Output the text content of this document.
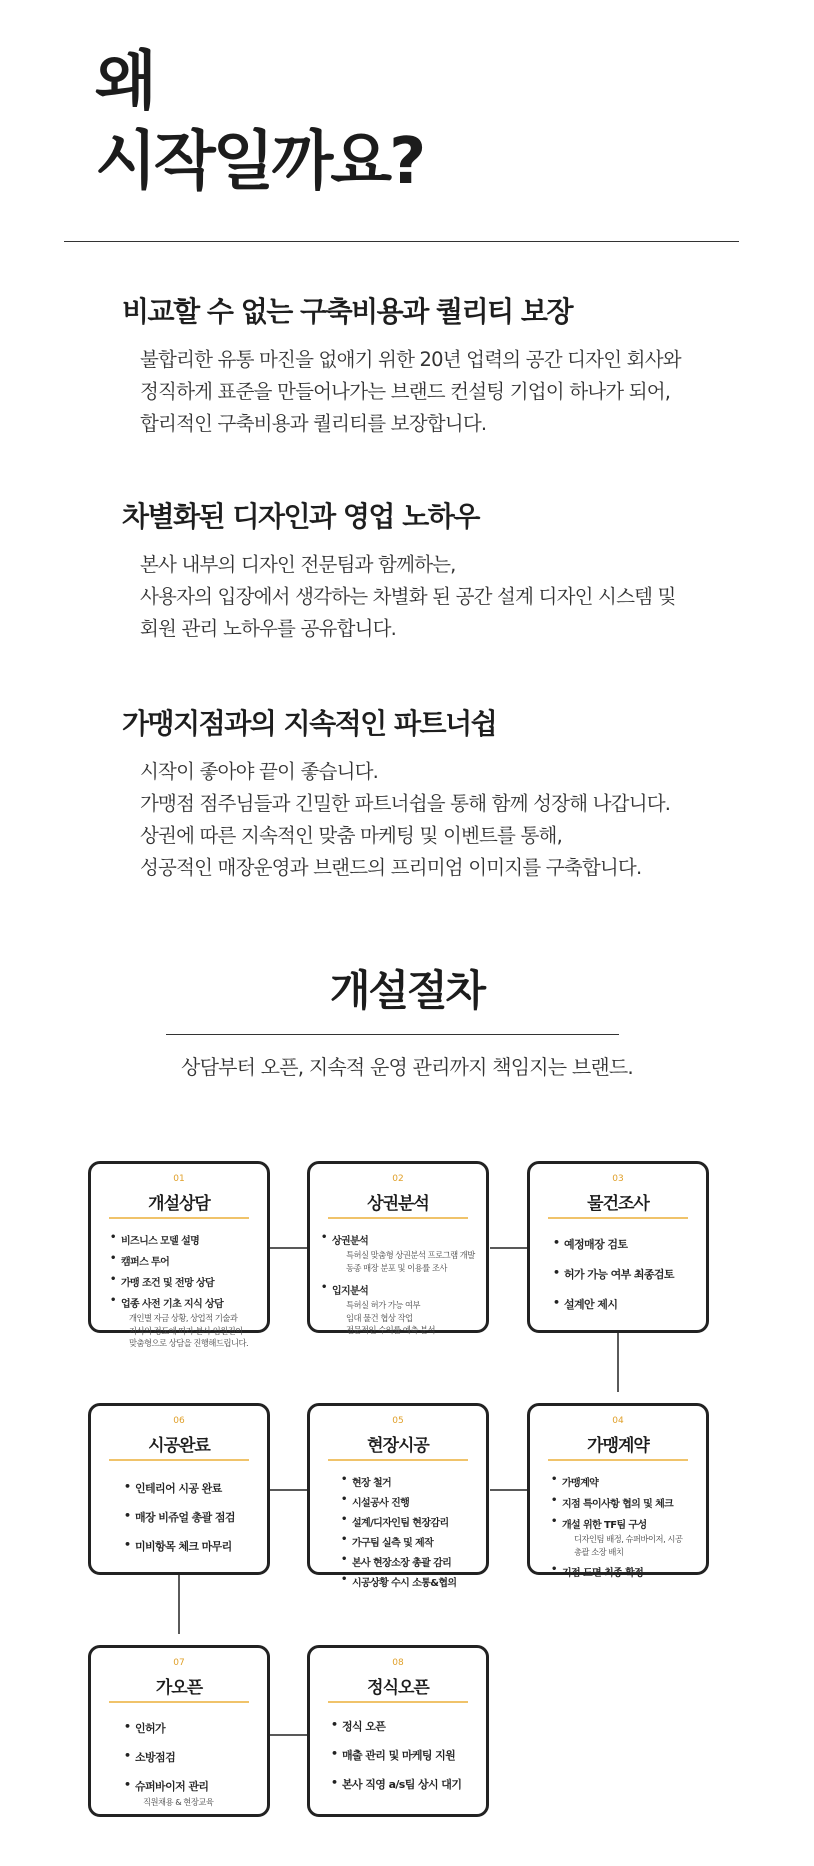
왜
시작일까요?
비교할 수 없는 구축비용과 퀄리티 보장

불합리한 유통 마진을 없애기 위한 20년 업력의 공간 디자인 회사와
정직하게 표준을 만들어나가는 브랜드 컨설팅 기업이 하나가 되어,
합리적인 구축비용과 퀄리티를 보장합니다.

차별화된 디자인과 영업 노하우

본사 내부의 디자인 전문팀과 함께하는,
사용자의 입장에서 생각하는 차별화 된 공간 설계 디자인 시스템 및
회원 관리 노하우를 공유합니다.

가맹지점과의 지속적인 파트너쉽

시작이 좋아야 끝이 좋습니다.
가맹점 점주님들과 긴밀한 파트너쉽을 통해 함께 성장해 나갑니다.
상권에 따른 지속적인 맞춤 마케팅 및 이벤트를 통해,
성공적인 매장운영과 브랜드의 프리미엄 이미지를 구축합니다.

개설절차
상담부터 오픈, 지속적 운영 관리까지 책임지는 브랜드.
01
개설상담
• 비즈니스 모델 설명
• 캠퍼스 투어
• 가맹 조건 및 전망 상담
• 업종 사전 기초 지식 상담
개인별 자금 상황, 상업적 기술과
지식의 정도에 따라 본사 임원진이
맞춤형으로 상담을 진행해드립니다.
02
상권분석
• 상권분석
특허실 맞춤형 상권분석 프로그램 개발
동종 매장 분포 및 이용률 조사
• 입지분석
특허실 허가 가능 여부
임대 물건 협상 작업
전문적인 수익률 예측 분석
03
물건조사
• 예정매장 검토
• 허가 가능 여부 최종검토
• 설계안 제시
04
가맹계약
• 가맹계약
• 지점 특이사항 협의 및 체크
• 개설 위한 TF팀 구성
디자인팀 배정, 슈퍼바이저, 시공
총괄 소장 배치
• 지점 도면 최종 확정
05
현장시공
• 현장 철거
• 시설공사 진행
• 설계/디자인팀 현장감리
• 가구팀 실측 및 제작
• 본사 현장소장 총괄 감리
• 시공상황 수시 소통&협의
06
시공완료
• 인테리어 시공 완료
• 매장 비쥬얼 총괄 점검
• 미비항목 체크 마무리
07
가오픈
• 인허가
• 소방점검
• 슈퍼바이저 관리
직원채용 & 현장교육
08
정식오픈
• 정식 오픈
• 매출 관리 및 마케팅 지원
• 본사 직영 a/s팀 상시 대기
